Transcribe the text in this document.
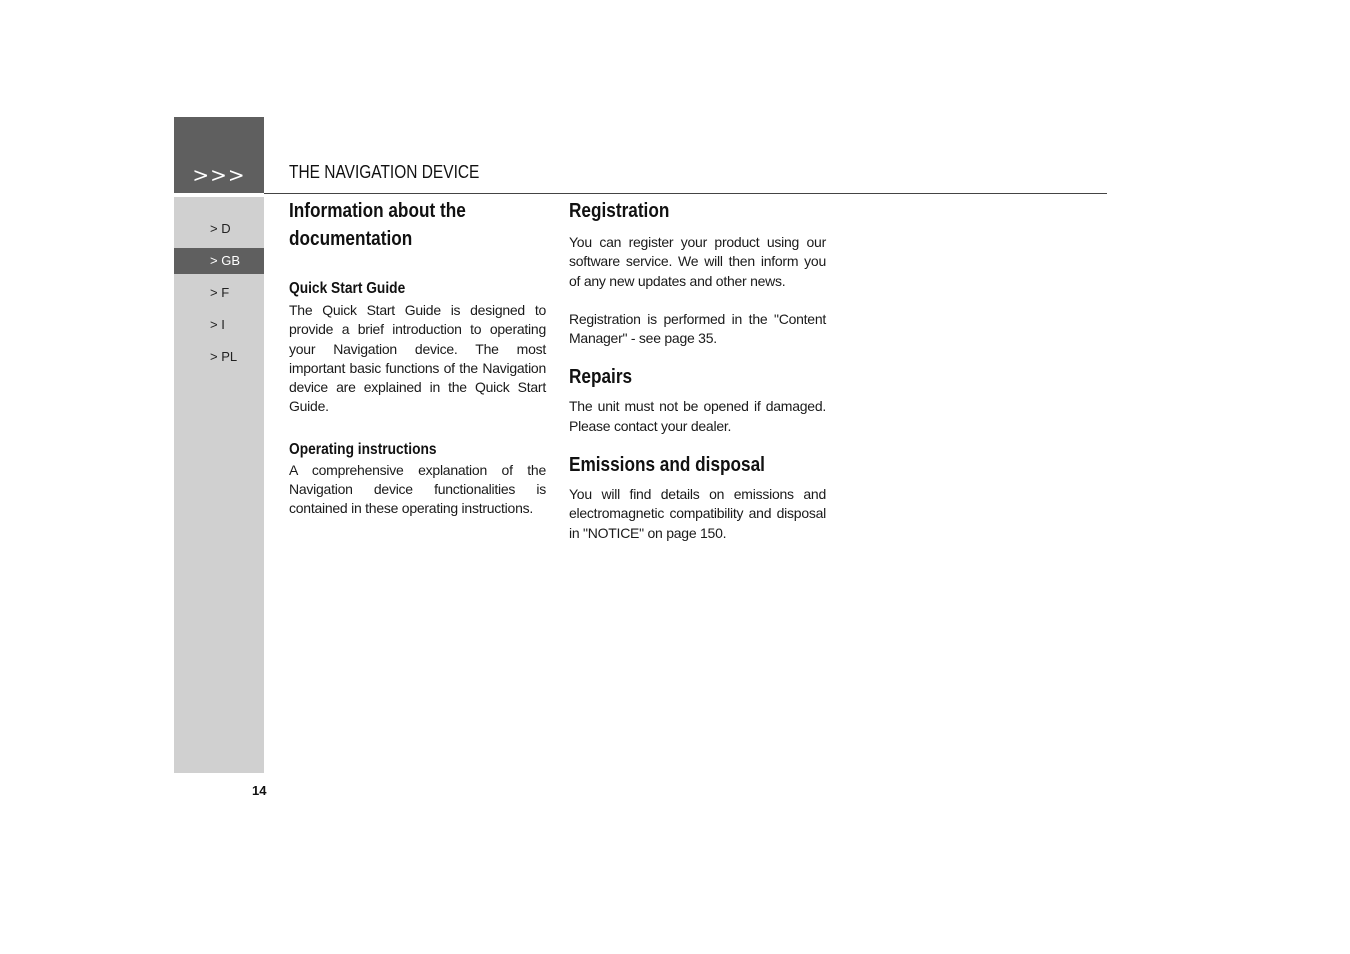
>>>	THE NAVIGATION DEVICE
> D
> GB
> F
> I
> PL
14
Information about the documentation
Quick Start Guide

The Quick Start Guide is designed to provide a brief introduction to operating your Navigation device. The most important basic functions of the Navigation device are explained in the Quick Start Guide.

Operating instructions

A comprehensive explanation of the Navigation device functionalities is contained in these operating instructions.

Registration

You can register your product using our software service. We will then inform you of any new updates and other news.

Registration is performed in the "Content Manager" - see page 35.

Repairs

The unit must not be opened if damaged. Please contact your dealer.

Emissions and disposal

You will find details on emissions and electromagnetic compatibility and disposal in "NOTICE" on page 150.
